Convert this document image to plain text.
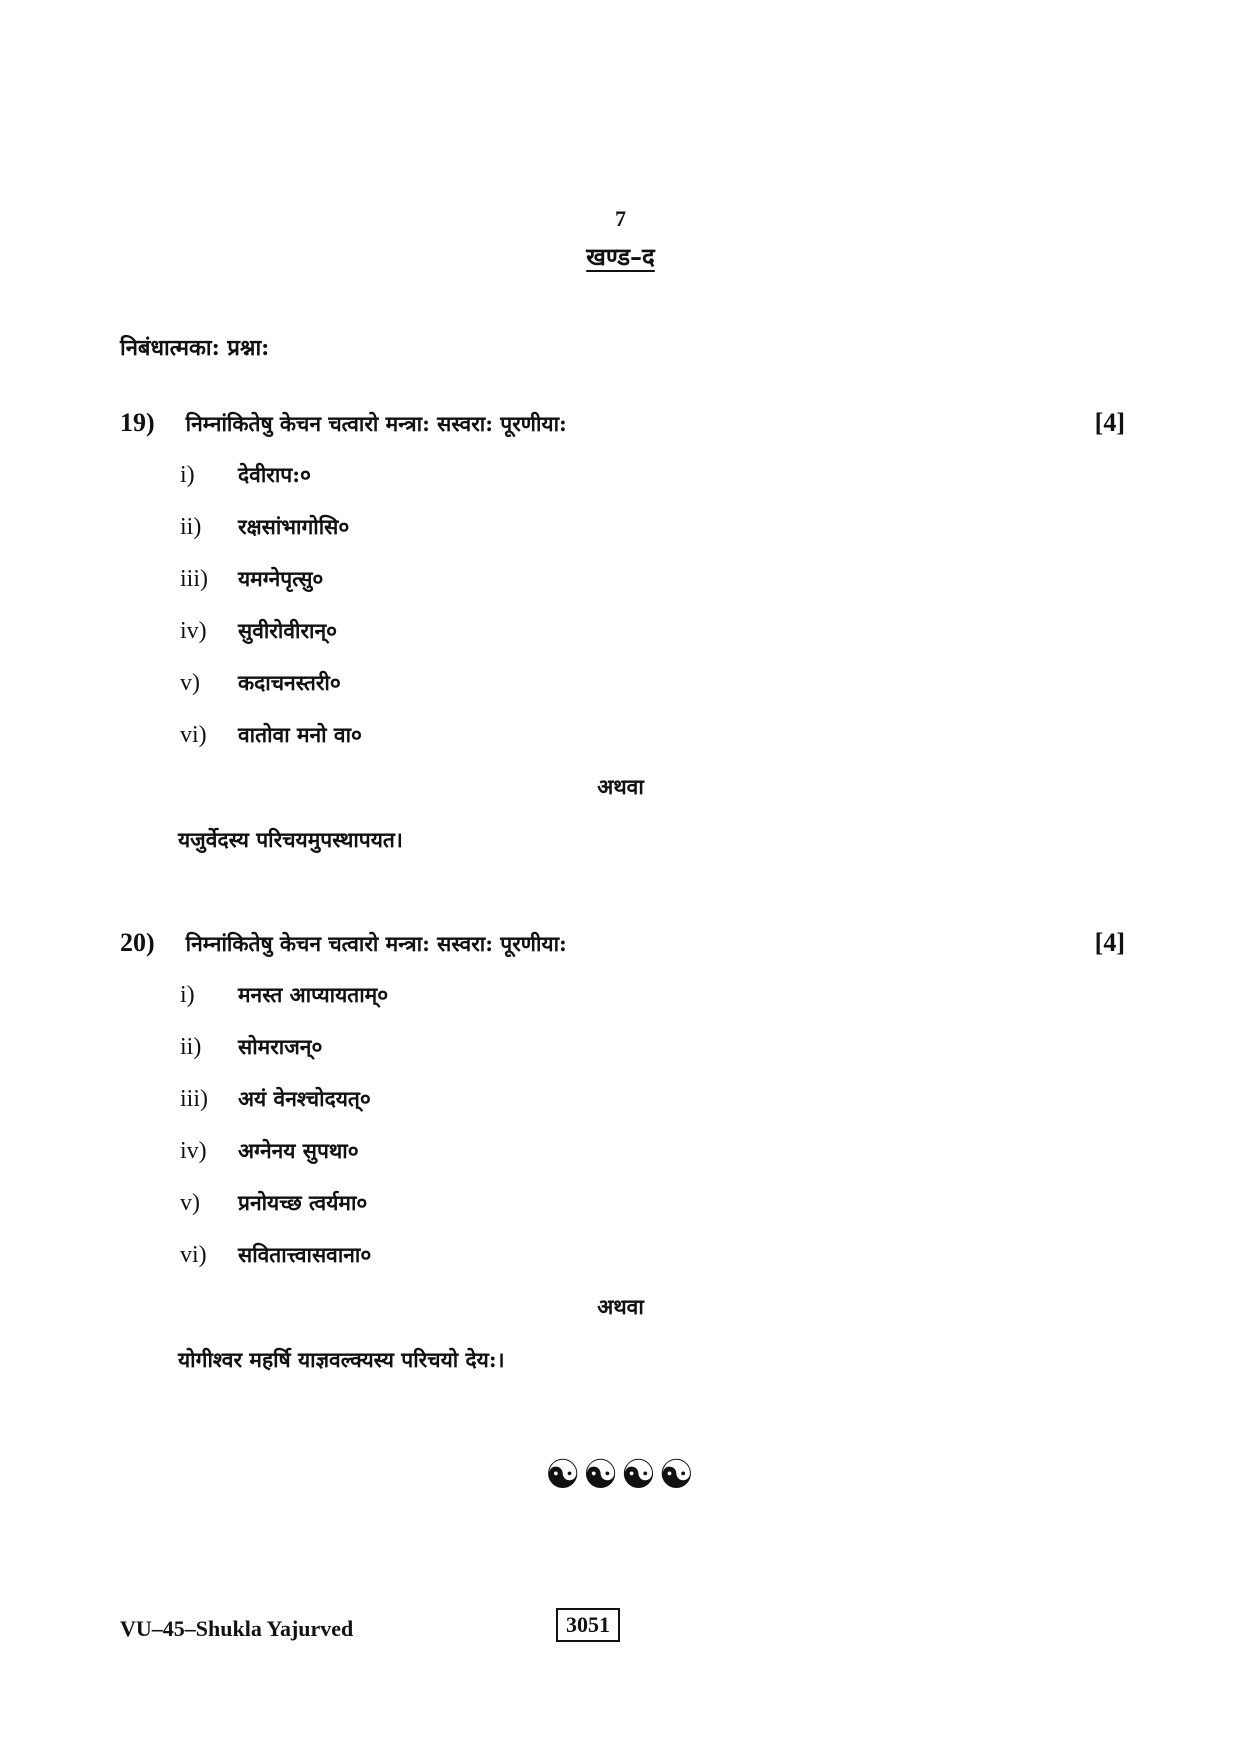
7
खण्ड–द
निबंधात्मका: प्रश्ना:
19) निम्नांकितेषु केचन चत्वारो मन्त्रा: सस्वरा: पूरणीया:	[4]
i) देवीराप:०
ii) रक्षसांभागोसि०
iii) यमग्नेपृत्सु०
iv) सुवीरोवीरान्०
v) कदाचनस्तरी०
vi) वातोवा मनो वा०
अथवा
यजुर्वेदस्य परिचयमुपस्थापयत।
20) निम्नांकितेषु केचन चत्वारो मन्त्रा: सस्वरा: पूरणीया:	[4]
i) मनस्त आप्यायताम्०
ii) सोमराजन्०
iii) अयं वेनश्चोदयत्०
iv) अग्नेनय सुपथा०
v) प्रनोयच्छ त्वर्यमा०
vi) सवितात्त्वासवाना०
अथवा
योगीश्वर महर्षि याज्ञवल्क्यस्य परिचयो देय:।
☯☯☯☯
VU–45–Shukla Yajurved	3051
